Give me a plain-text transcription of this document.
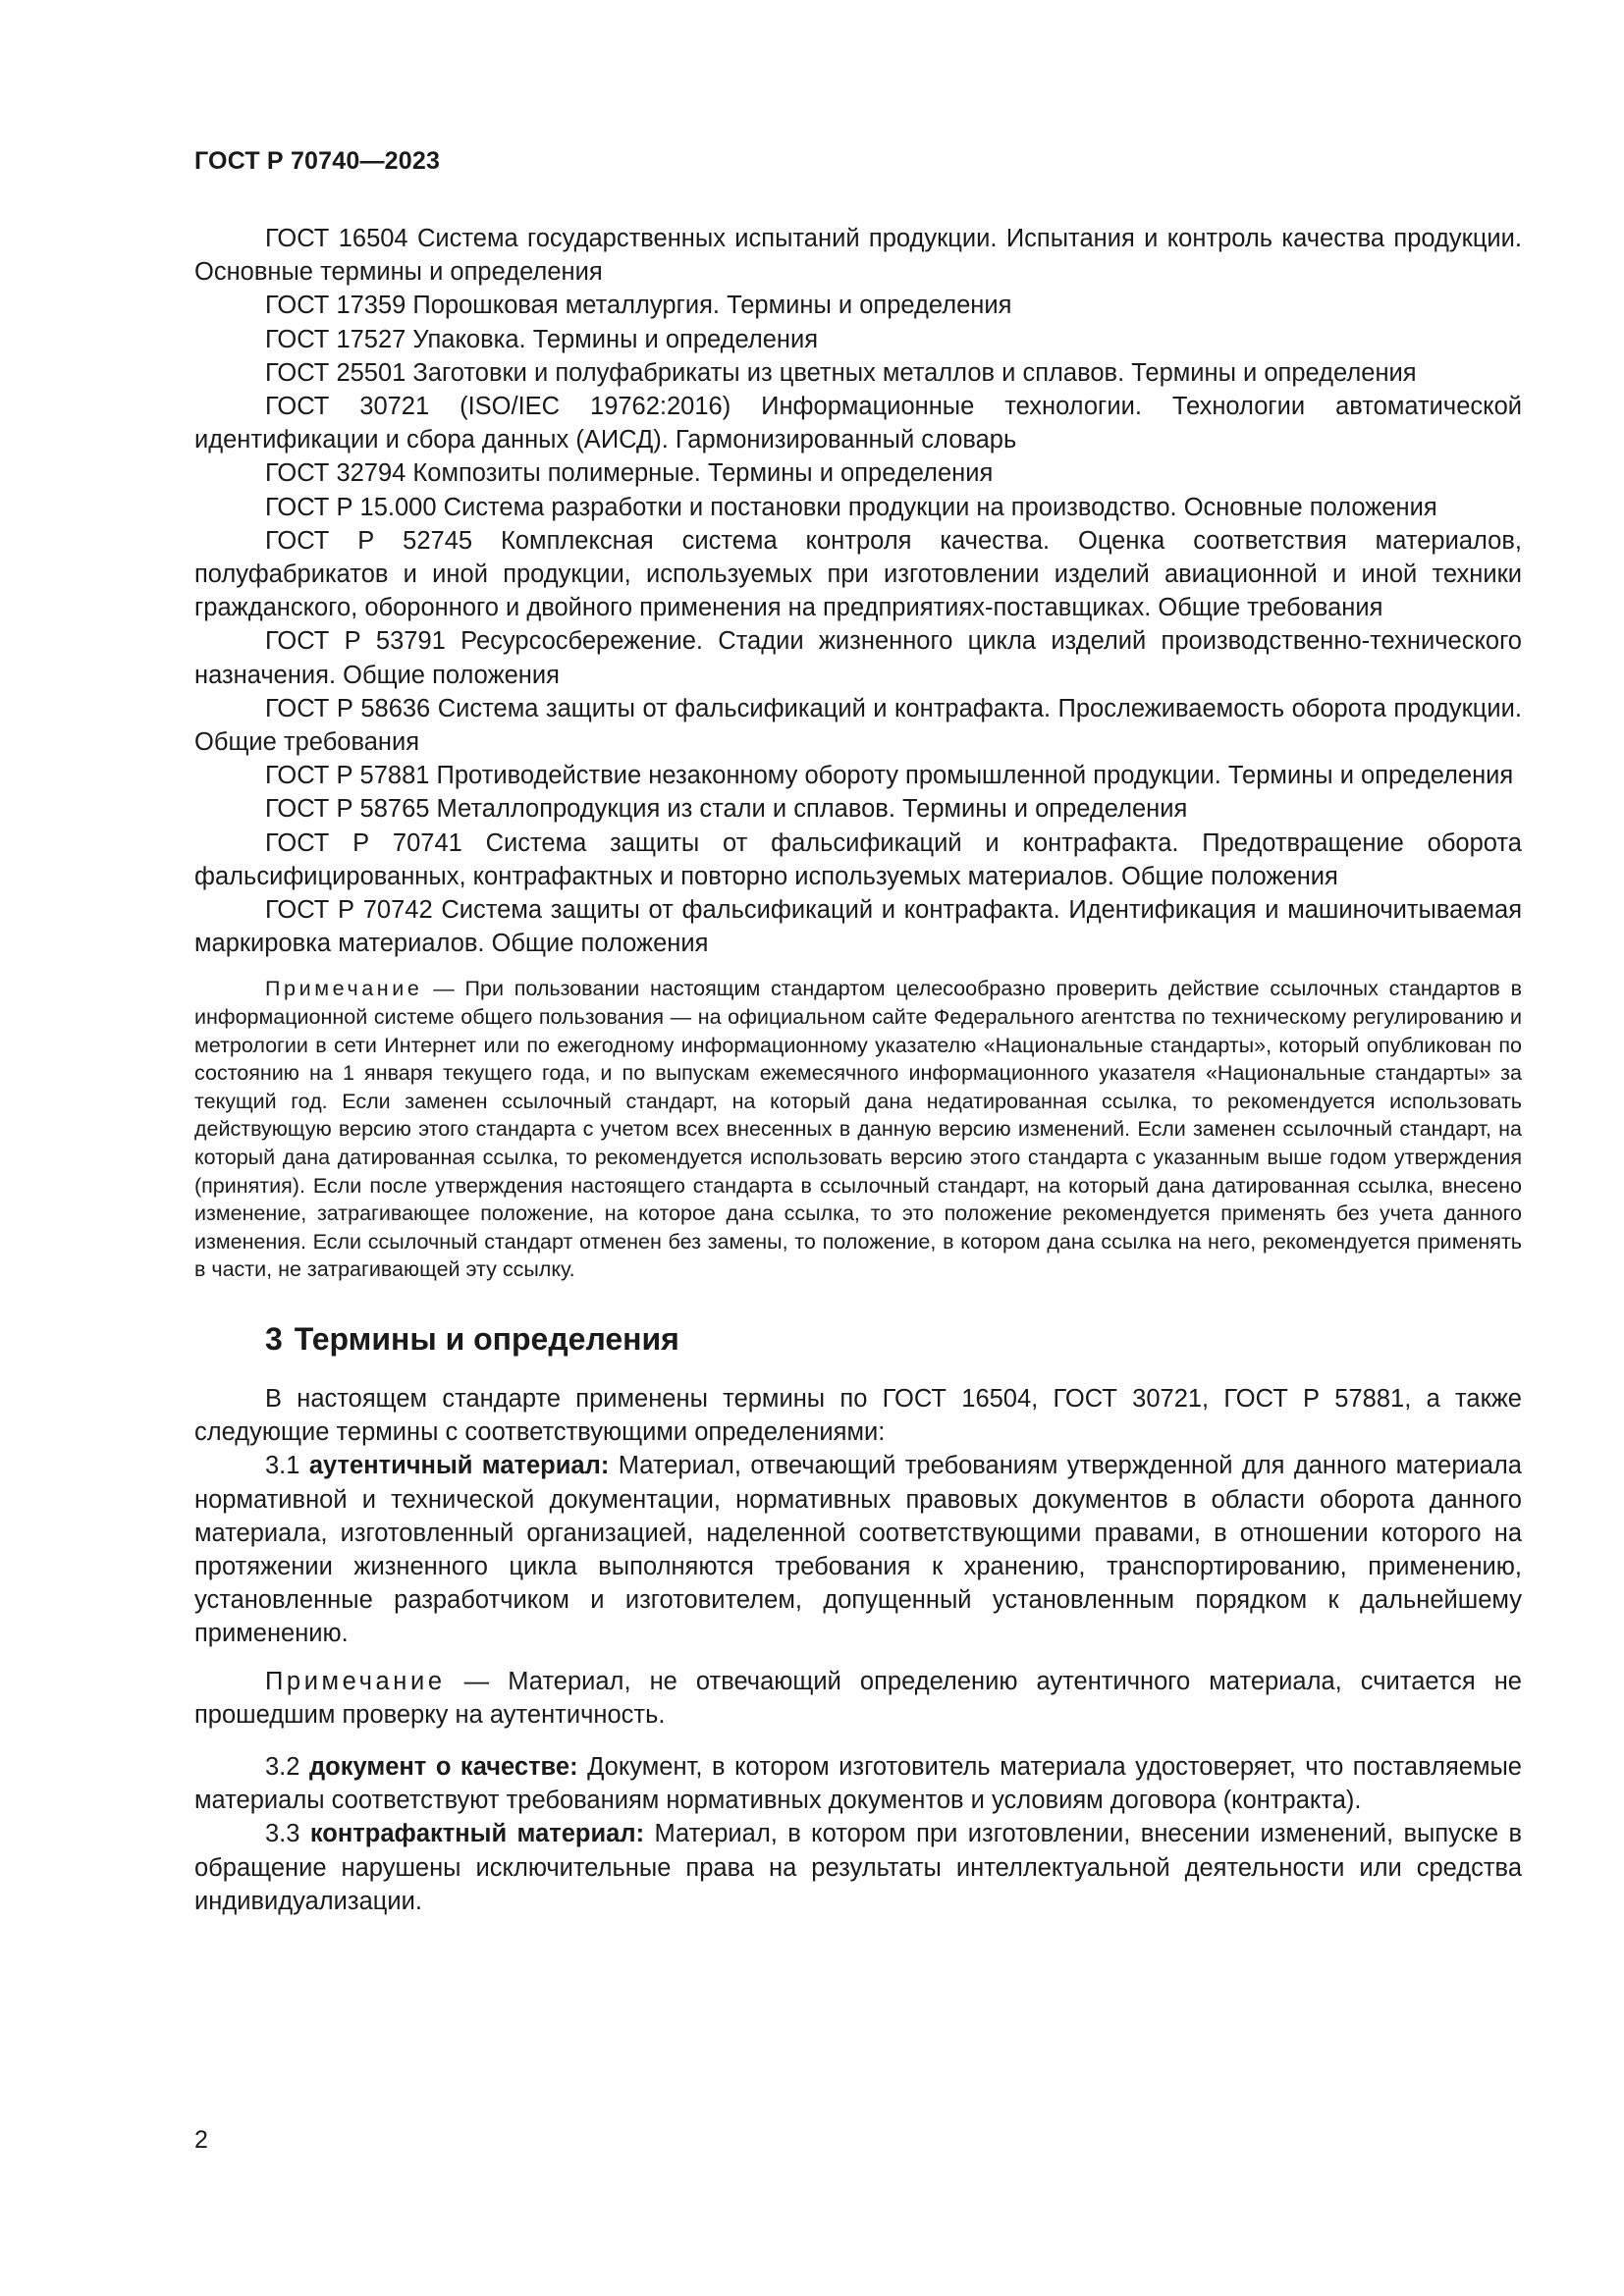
ГОСТ Р 70740—2023

ГОСТ 16504 Система государственных испытаний продукции. Испытания и контроль качества продукции. Основные термины и определения

ГОСТ 17359 Порошковая металлургия. Термины и определения

ГОСТ 17527 Упаковка. Термины и определения

ГОСТ 25501 Заготовки и полуфабрикаты из цветных металлов и сплавов. Термины и определения

ГОСТ 30721 (ISO/IEC 19762:2016) Информационные технологии. Технологии автоматической идентификации и сбора данных (АИСД). Гармонизированный словарь

ГОСТ 32794 Композиты полимерные. Термины и определения

ГОСТ Р 15.000 Система разработки и постановки продукции на производство. Основные положения

ГОСТ Р 52745 Комплексная система контроля качества. Оценка соответствия материалов, полуфабрикатов и иной продукции, используемых при изготовлении изделий авиационной и иной техники гражданского, оборонного и двойного применения на предприятиях-поставщиках. Общие требования

ГОСТ Р 53791 Ресурсосбережение. Стадии жизненного цикла изделий производственно-технического назначения. Общие положения

ГОСТ Р 58636 Система защиты от фальсификаций и контрафакта. Прослеживаемость оборота продукции. Общие требования

ГОСТ Р 57881 Противодействие незаконному обороту промышленной продукции. Термины и определения

ГОСТ Р 58765 Металлопродукция из стали и сплавов. Термины и определения

ГОСТ Р 70741 Система защиты от фальсификаций и контрафакта. Предотвращение оборота фальсифицированных, контрафактных и повторно используемых материалов. Общие положения

ГОСТ Р 70742 Система защиты от фальсификаций и контрафакта. Идентификация и машиночитываемая маркировка материалов. Общие положения

Примечание — При пользовании настоящим стандартом целесообразно проверить действие ссылочных стандартов в информационной системе общего пользования — на официальном сайте Федерального агентства по техническому регулированию и метрологии в сети Интернет или по ежегодному информационному указателю «Национальные стандарты», который опубликован по состоянию на 1 января текущего года, и по выпускам ежемесячного информационного указателя «Национальные стандарты» за текущий год. Если заменен ссылочный стандарт, на который дана недатированная ссылка, то рекомендуется использовать действующую версию этого стандарта с учетом всех внесенных в данную версию изменений. Если заменен ссылочный стандарт, на который дана датированная ссылка, то рекомендуется использовать версию этого стандарта с указанным выше годом утверждения (принятия). Если после утверждения настоящего стандарта в ссылочный стандарт, на который дана датированная ссылка, внесено изменение, затрагивающее положение, на которое дана ссылка, то это положение рекомендуется применять без учета данного изменения. Если ссылочный стандарт отменен без замены, то положение, в котором дана ссылка на него, рекомендуется применять в части, не затрагивающей эту ссылку.

3 Термины и определения

В настоящем стандарте применены термины по ГОСТ 16504, ГОСТ 30721, ГОСТ Р 57881, а также следующие термины с соответствующими определениями:

3.1 аутентичный материал: Материал, отвечающий требованиям утвержденной для данного материала нормативной и технической документации, нормативных правовых документов в области оборота данного материала, изготовленный организацией, наделенной соответствующими правами, в отношении которого на протяжении жизненного цикла выполняются требования к хранению, транспортированию, применению, установленные разработчиком и изготовителем, допущенный установленным порядком к дальнейшему применению.

Примечание — Материал, не отвечающий определению аутентичного материала, считается не прошедшим проверку на аутентичность.

3.2 документ о качестве: Документ, в котором изготовитель материала удостоверяет, что поставляемые материалы соответствуют требованиям нормативных документов и условиям договора (контракта).

3.3 контрафактный материал: Материал, в котором при изготовлении, внесении изменений, выпуске в обращение нарушены исключительные права на результаты интеллектуальной деятельности или средства индивидуализации.

2
